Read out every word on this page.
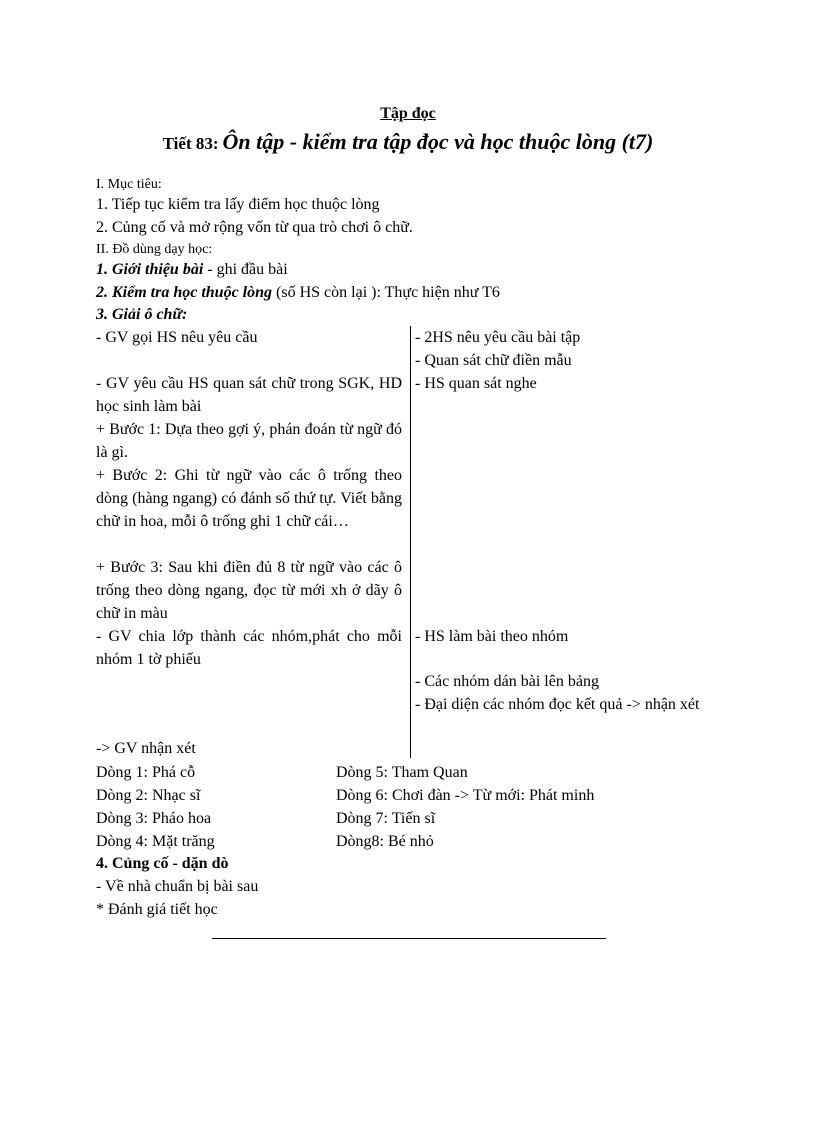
Tập đọc
Tiết 83: Ôn tập - kiểm tra tập đọc và học thuộc lòng (t7)
I. Mục tiêu:
1. Tiếp tục kiểm tra lấy điểm học thuộc lòng
2. Củng cố và mở rộng vốn từ qua trò chơi ô chữ.
II. Đồ dùng dạy học:
1. Giới thiệu bài - ghi đầu bài
2. Kiểm tra học thuộc lòng (số HS còn lại ): Thực hiện như T6
3. Giải ô chữ:
- GV gọi HS nêu yêu cầu
- GV yêu cầu HS quan sát chữ trong SGK, HD học sinh làm bài
+ Bước 1: Dựa theo gợi ý, phán đoán từ ngữ đó là gì.
+ Bước 2: Ghi từ ngữ vào các ô trống theo dòng (hàng ngang) có đánh số thứ tự. Viết bằng chữ in hoa, mỗi ô trống ghi 1 chữ cái…
+ Bước 3: Sau khi điền đủ 8 từ ngữ vào các ô trống theo dòng ngang, đọc từ mới xh ở dãy ô chữ in màu
- GV chia lớp thành các nhóm,phát cho mỗi nhóm 1 tờ phiếu
- 2HS nêu yêu cầu bài tập
- Quan sát chữ điền mẫu
- HS quan sát nghe
- HS làm bài theo nhóm
- Các nhóm dán bài lên bảng
- Đại diện các nhóm đọc kết quả -> nhận xét
-> GV nhận xét
Dòng 1: Phá cỗ
Dòng 2: Nhạc sĩ
Dòng 3: Pháo hoa
Dòng 4: Mặt trăng
Dòng 5: Tham Quan
Dòng 6: Chơi đàn -> Từ mới: Phát minh
Dòng 7: Tiến sĩ
Dòng8: Bé nhỏ
4. Củng cố - dặn dò
- Về nhà chuẩn bị bài sau
* Đánh giá tiết học
